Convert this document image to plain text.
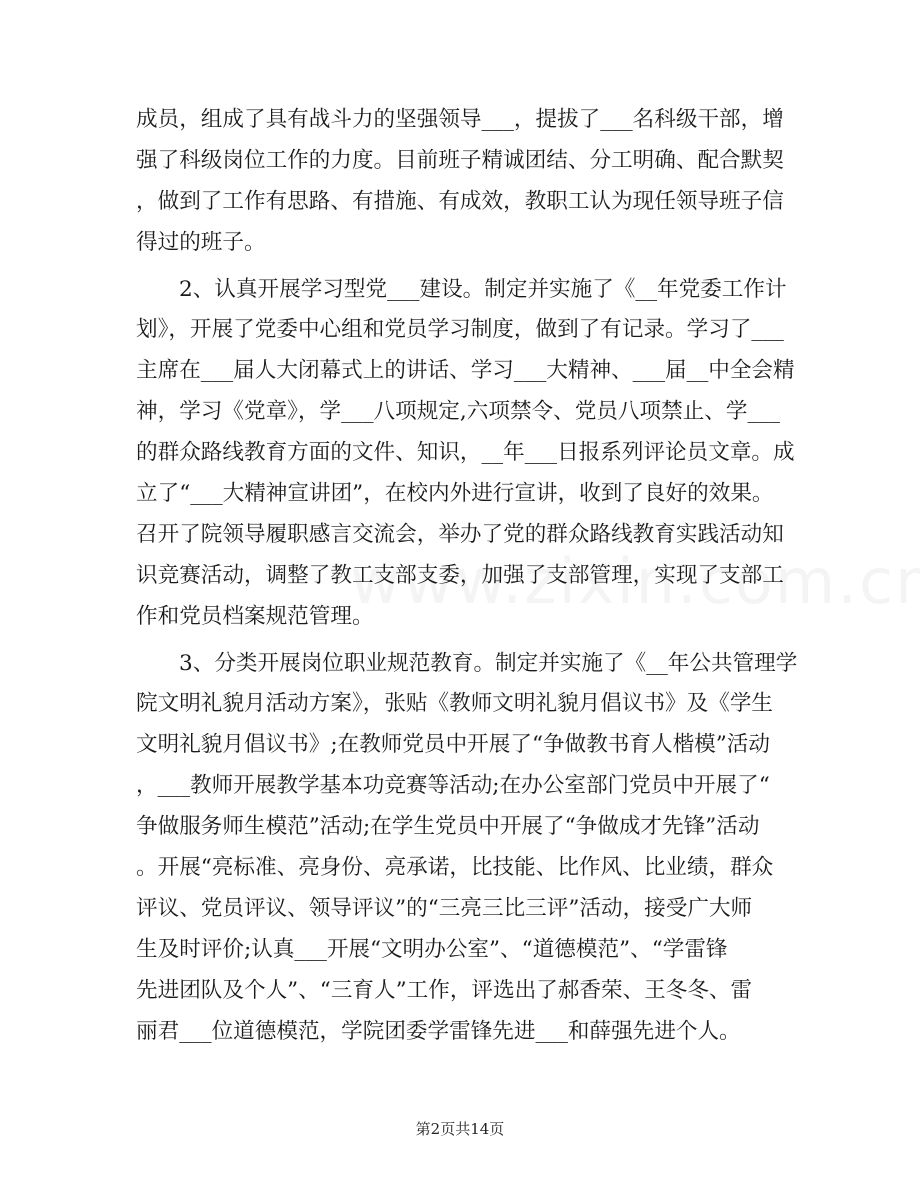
成员，组成了具有战斗力的坚强领导___，提拔了___名科级干部，增
强了科级岗位工作的力度。目前班子精诚团结、分工明确、配合默契
，做到了工作有思路、有措施、有成效，教职工认为现任领导班子信
得过的班子。
2、认真开展学习型党___建设。制定并实施了《__年党委工作计
划》，开展了党委中心组和党员学习制度，做到了有记录。学习了___
主席在___届人大闭幕式上的讲话、学习___大精神、___届__中全会精
神，学习《党章》，学___八项规定,六项禁令、党员八项禁止、学___
的群众路线教育方面的文件、知识，__年___日报系列评论员文章。成
立了“___大精神宣讲团”，在校内外进行宣讲，收到了良好的效果。
召开了院领导履职感言交流会，举办了党的群众路线教育实践活动知
识竞赛活动，调整了教工支部支委，加强了支部管理，实现了支部工
作和党员档案规范管理。
3、分类开展岗位职业规范教育。制定并实施了《__年公共管理学
院文明礼貌月活动方案》，张贴《教师文明礼貌月倡议书》及《学生
文明礼貌月倡议书》;在教师党员中开展了“争做教书育人楷模”活动
，___教师开展教学基本功竞赛等活动;在办公室部门党员中开展了“
争做服务师生模范”活动;在学生党员中开展了“争做成才先锋”活动
。开展“亮标准、亮身份、亮承诺，比技能、比作风、比业绩，群众
评议、党员评议、领导评议”的“三亮三比三评”活动，接受广大师
生及时评价;认真___开展“文明办公室”、“道德模范”、“学雷锋
先进团队及个人”、“三育人”工作，评选出了郝香荣、王冬冬、雷
丽君___位道德模范，学院团委学雷锋先进___和薛强先进个人。
第2页共14页
